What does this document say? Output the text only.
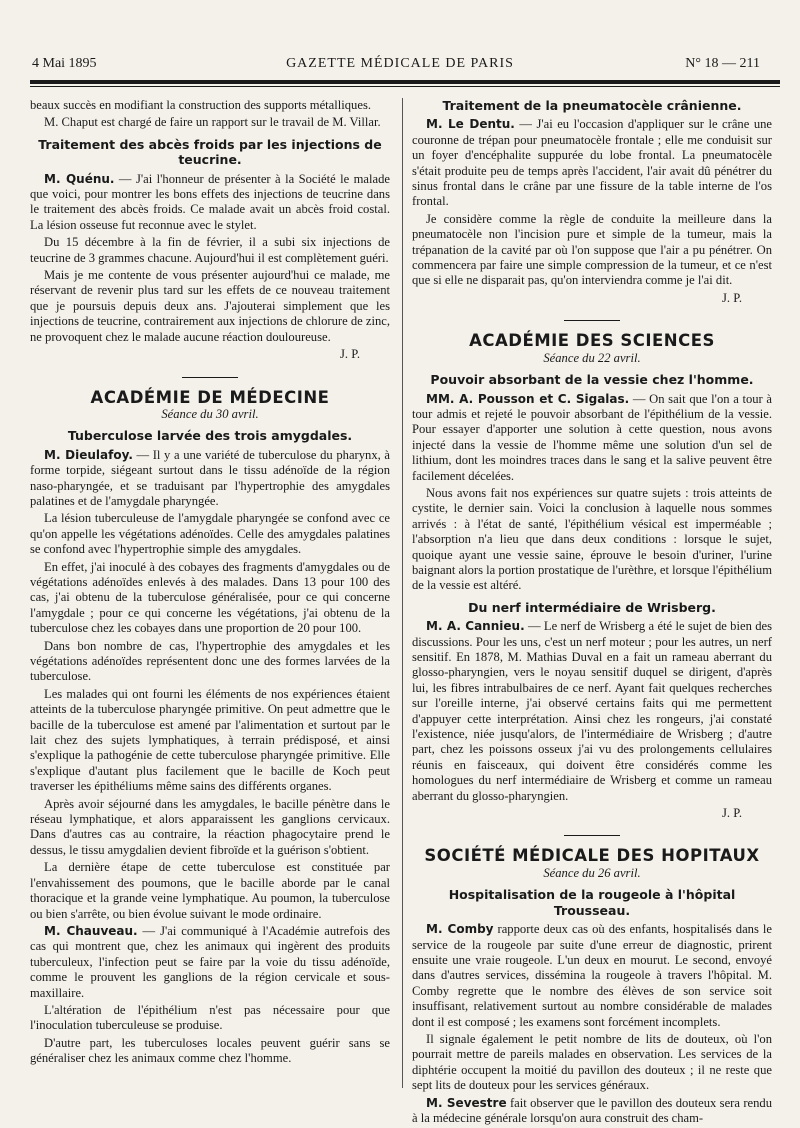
4 Mai 1895	GAZETTE MÉDICALE DE PARIS	N° 18 — 211

beaux succès en modifiant la construction des supports métalliques.

M. Chaput est chargé de faire un rapport sur le travail de M. Villar.

Traitement des abcès froids par les injections de teucrine.

M. Quénu. — J'ai l'honneur de présenter à la Société le malade que voici, pour montrer les bons effets des injections de teucrine dans le traitement des abcès froids. Ce malade avait un abcès froid costal. La lésion osseuse fut reconnue avec le stylet.

Du 15 décembre à la fin de février, il a subi six injections de teucrine de 3 grammes chacune. Aujourd'hui il est complètement guéri.

Mais je me contente de vous présenter aujourd'hui ce malade, me réservant de revenir plus tard sur les effets de ce nouveau traitement que je poursuis depuis deux ans. J'ajouterai simplement que les injections de teucrine, contrairement aux injections de chlorure de zinc, ne provoquent chez le malade aucune réaction douloureuse.

J. P.
ACADÉMIE DE MÉDECINE
Séance du 30 avril.
Tuberculose larvée des trois amygdales.

M. Dieulafoy. — Il y a une variété de tuberculose du pharynx, à forme torpide, siégeant surtout dans le tissu adénoïde de la région naso-pharyngée, et se traduisant par l'hypertrophie des amygdales palatines et de l'amygdale pharyngée.

La lésion tuberculeuse de l'amygdale pharyngée se confond avec ce qu'on appelle les végétations adénoïdes. Celle des amygdales palatines se confond avec l'hypertrophie simple des amygdales.

En effet, j'ai inoculé à des cobayes des fragments d'amygdales ou de végétations adénoïdes enlevés à des malades. Dans 13 pour 100 des cas, j'ai obtenu de la tuberculose généralisée, pour ce qui concerne l'amygdale ; pour ce qui concerne les végétations, j'ai obtenu de la tuberculose chez les cobayes dans une proportion de 20 pour 100.

Dans bon nombre de cas, l'hypertrophie des amygdales et les végétations adénoïdes représentent donc une des formes larvées de la tuberculose.

Les malades qui ont fourni les éléments de nos expériences étaient atteints de la tuberculose pharyngée primitive. On peut admettre que le bacille de la tuberculose est amené par l'alimentation et surtout par le lait chez des sujets lymphatiques, à terrain prédisposé, et ainsi s'explique la pathogénie de cette tuberculose pharyngée primitive. Elle s'explique d'autant plus facilement que le bacille de Koch peut traverser les épithéliums même sains des différents organes.

Après avoir séjourné dans les amygdales, le bacille pénètre dans le réseau lymphatique, et alors apparaissent les ganglions cervicaux. Dans d'autres cas au contraire, la réaction phagocytaire prend le dessus, le tissu amygdalien devient fibroïde et la guérison s'obtient.

La dernière étape de cette tuberculose est constituée par l'envahissement des poumons, que le bacille aborde par le canal thoracique et la grande veine lymphatique. Au poumon, la tuberculose ou bien s'arrête, ou bien évolue suivant le mode ordinaire.

M. Chauveau. — J'ai communiqué à l'Académie autrefois des cas qui montrent que, chez les animaux qui ingèrent des produits tuberculeux, l'infection peut se faire par la voie du tissu adénoïde, comme le prouvent les ganglions de la région cervicale et sous-maxillaire.

L'altération de l'épithélium n'est pas nécessaire pour que l'inoculation tuberculeuse se produise.

D'autre part, les tuberculoses locales peuvent guérir sans se généraliser chez les animaux comme chez l'homme.

Traitement de la pneumatocèle crânienne.

M. Le Dentu. — J'ai eu l'occasion d'appliquer sur le crâne une couronne de trépan pour pneumatocèle frontale ; elle me conduisit sur un foyer d'encéphalite suppurée du lobe frontal. La pneumatocèle s'était produite peu de temps après l'accident, l'air avait dû pénétrer du sinus frontal dans le crâne par une fissure de la table interne de l'os frontal.

Je considère comme la règle de conduite la meilleure dans la pneumatocèle non l'incision pure et simple de la tumeur, mais la trépanation de la cavité par où l'on suppose que l'air a pu pénétrer. On commencera par faire une simple compression de la tumeur, et ce n'est que si elle ne disparait pas, qu'on interviendra comme je l'ai dit.

J. P.
ACADÉMIE DES SCIENCES
Séance du 22 avril.
Pouvoir absorbant de la vessie chez l'homme.

MM. A. Pousson et C. Sigalas. — On sait que l'on a tour à tour admis et rejeté le pouvoir absorbant de l'épithélium de la vessie. Pour essayer d'apporter une solution à cette question, nous avons injecté dans la vessie de l'homme même une solution d'un sel de lithium, dont les moindres traces dans le sang et la salive peuvent être facilement décelées.

Nous avons fait nos expériences sur quatre sujets : trois atteints de cystite, le dernier sain. Voici la conclusion à laquelle nous sommes arrivés : à l'état de santé, l'épithélium vésical est imperméable ; l'absorption n'a lieu que dans deux conditions : lorsque le sujet, quoique ayant une vessie saine, éprouve le besoin d'uriner, l'urine baignant alors la portion prostatique de l'urèthre, et lorsque l'épithélium de la vessie est altéré.

Du nerf intermédiaire de Wrisberg.

M. A. Cannieu. — Le nerf de Wrisberg a été le sujet de bien des discussions. Pour les uns, c'est un nerf moteur ; pour les autres, un nerf sensitif. En 1878, M. Mathias Duval en a fait un rameau aberrant du glosso-pharyngien, vers le noyau sensitif duquel se dirigent, d'après lui, les fibres intrabulbaires de ce nerf. Ayant fait quelques recherches sur l'oreille interne, j'ai observé certains faits qui me permettent d'appuyer cette interprétation. Ainsi chez les rongeurs, j'ai constaté l'existence, niée jusqu'alors, de l'intermédiaire de Wrisberg ; d'autre part, chez les poissons osseux j'ai vu des prolongements cellulaires réunis en faisceaux, qui doivent être considérés comme les homologues du nerf intermédiaire de Wrisberg et comme un rameau aberrant du glosso-pharyngien.

J. P.
SOCIÉTÉ MÉDICALE DES HOPITAUX
Séance du 26 avril.
Hospitalisation de la rougeole à l'hôpital Trousseau.

M. Comby rapporte deux cas où des enfants, hospitalisés dans le service de la rougeole par suite d'une erreur de diagnostic, prirent ensuite une vraie rougeole. L'un deux en mourut. Le second, envoyé dans d'autres services, dissémina la rougeole à travers l'hôpital. M. Comby regrette que le nombre des élèves de son service soit insuffisant, relativement surtout au nombre considérable de malades dont il est composé ; les examens sont forcément incomplets.

Il signale également le petit nombre de lits de douteux, où l'on pourrait mettre de pareils malades en observation. Les services de la diphtérie occupent la moitié du pavillon des douteux ; il ne reste que sept lits de douteux pour les services généraux.

M. Sevestre fait observer que le pavillon des douteux sera rendu à la médecine générale lorsqu'on aura construit des cham-
